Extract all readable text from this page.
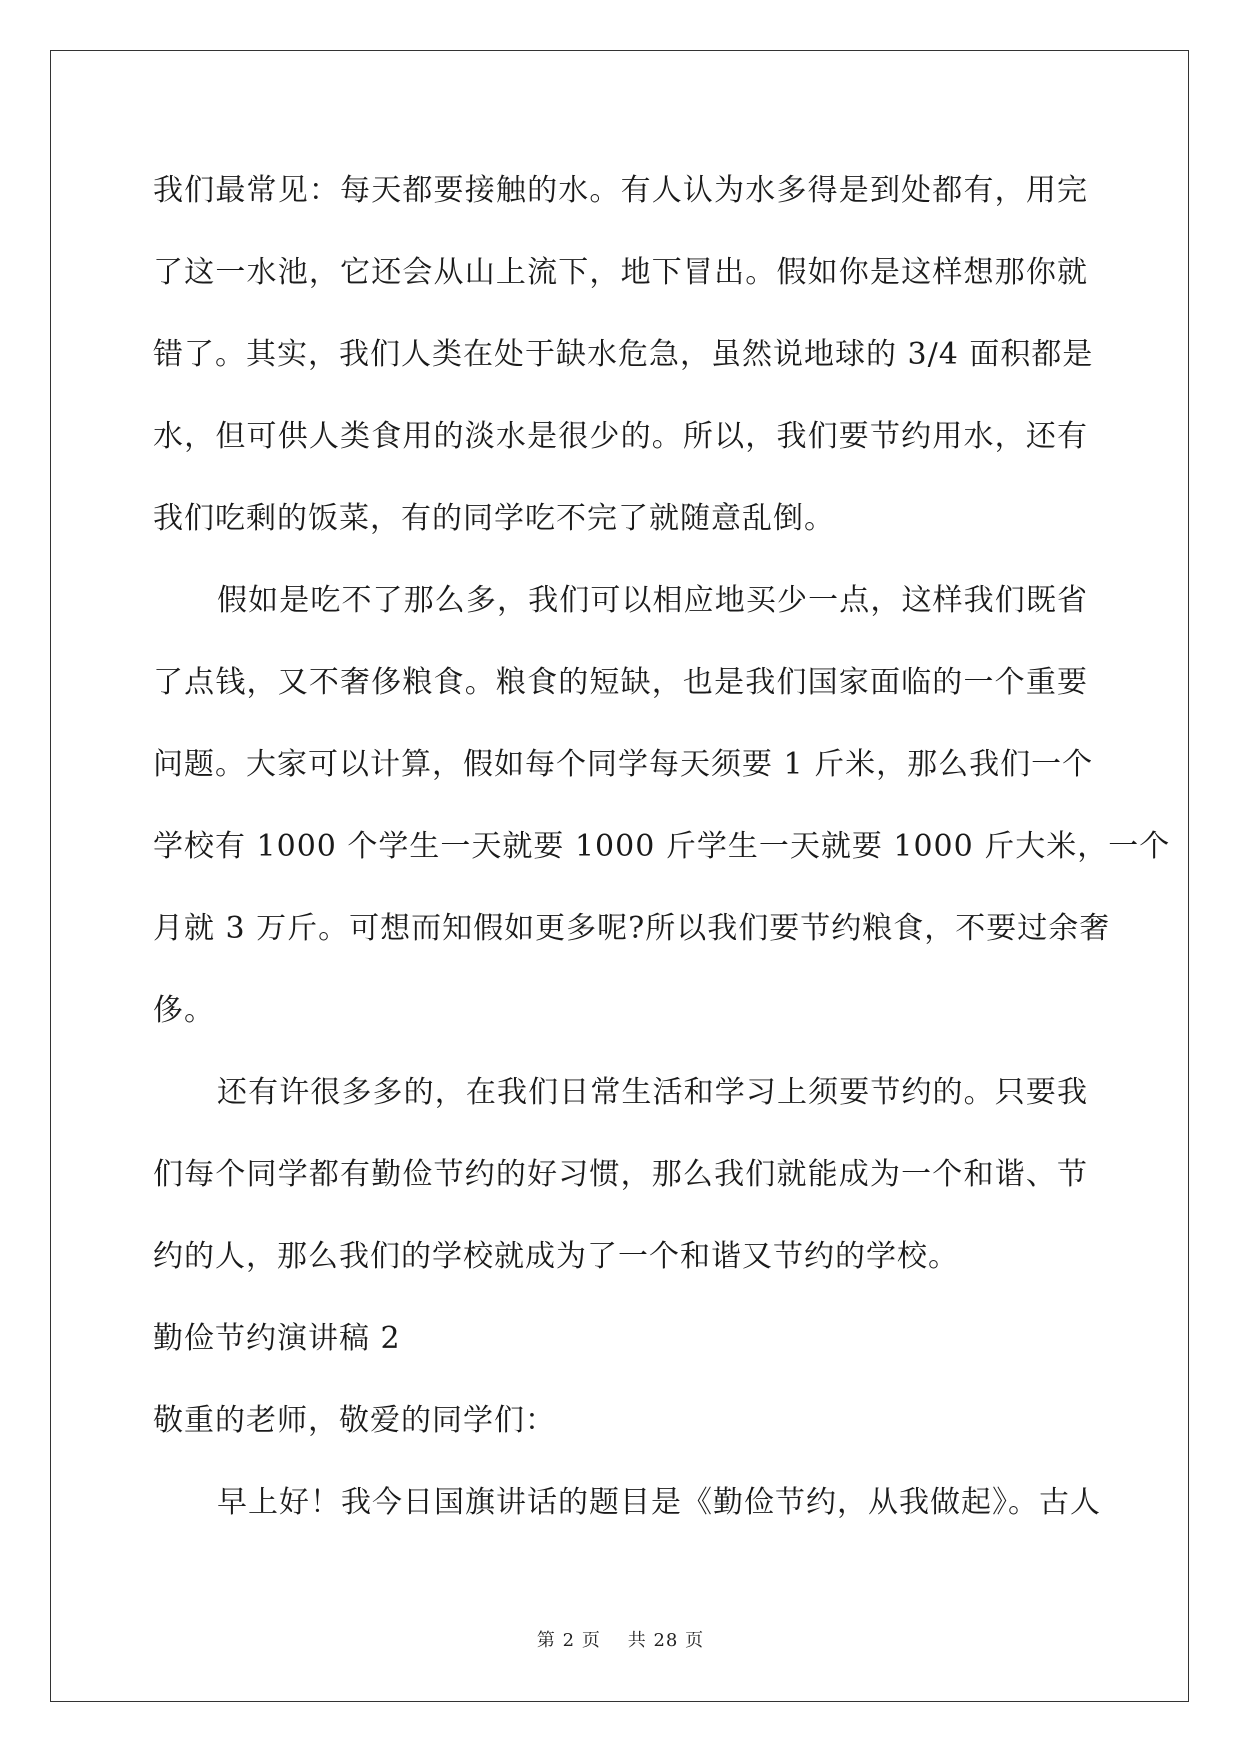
我们最常见：每天都要接触的水。有人认为水多得是到处都有，用完
了这一水池，它还会从山上流下，地下冒出。假如你是这样想那你就
错了。其实，我们人类在处于缺水危急，虽然说地球的 3/4 面积都是
水，但可供人类食用的淡水是很少的。所以，我们要节约用水，还有
我们吃剩的饭菜，有的同学吃不完了就随意乱倒。
假如是吃不了那么多，我们可以相应地买少一点，这样我们既省
了点钱，又不奢侈粮食。粮食的短缺，也是我们国家面临的一个重要
问题。大家可以计算，假如每个同学每天须要 1 斤米，那么我们一个
学校有 1000 个学生一天就要 1000 斤学生一天就要 1000 斤大米，一个
月就 3 万斤。可想而知假如更多呢?所以我们要节约粮食，不要过余奢
侈。
还有许很多多的，在我们日常生活和学习上须要节约的。只要我
们每个同学都有勤俭节约的好习惯，那么我们就能成为一个和谐、节
约的人，那么我们的学校就成为了一个和谐又节约的学校。
勤俭节约演讲稿 2
敬重的老师，敬爱的同学们：
早上好！我今日国旗讲话的题目是《勤俭节约，从我做起》。古人
第 2 页 共 28 页
